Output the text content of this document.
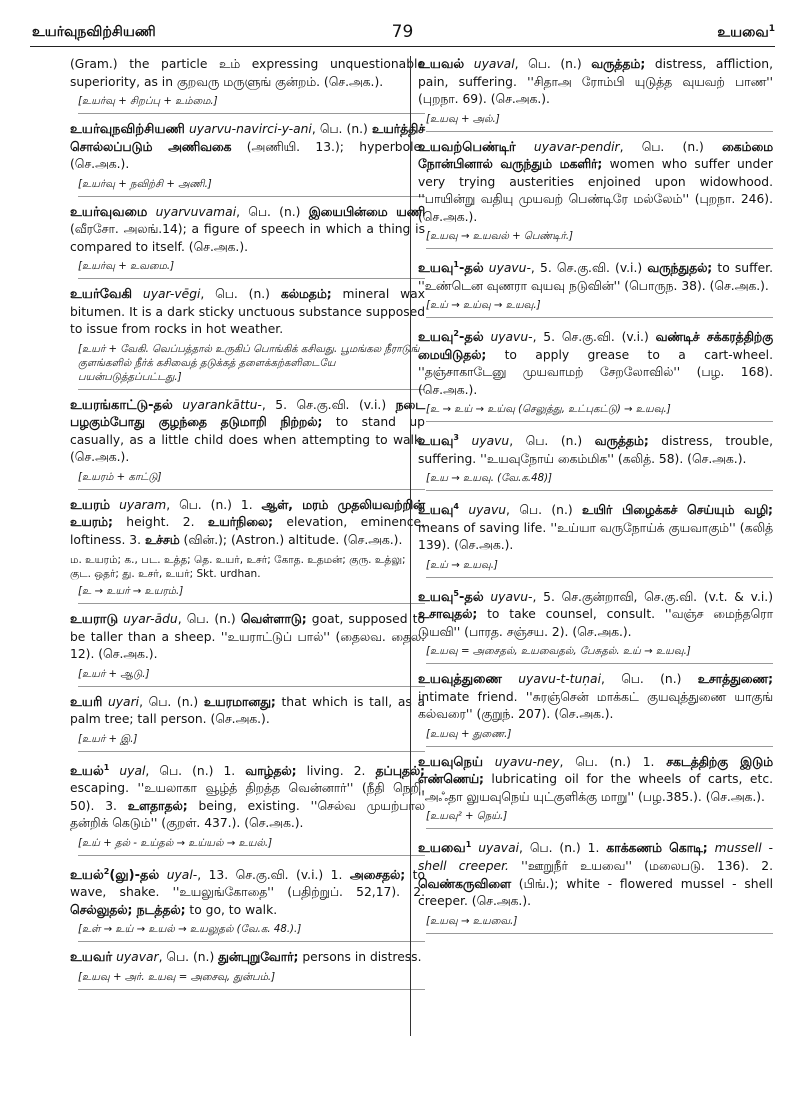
உயர்வுநவிற்சியணி	79	உயவை$^1$

(Gram.) the particle உம் expressing unquestionable superiority, as in குறவரு மருளுங் குன்றம். (செ.அக.).

[உயர்வு + சிறப்பு + உம்மை.]

உயர்வுநவிற்சியணி uyarvu-navirci-y-ani, பெ. (n.) உயர்த்திச் சொல்லப்படும் அணிவகை (அணியி. 13.); hyperbole. (செ.அக.).

[உயர்வு + நவிற்சி + அணி.]

உயர்வுவமை uyarvuvamai, பெ. (n.) இயைபின்மை யணி (வீரசோ. அலங்.14); a figure of speech in which a thing is compared to itself. (செ.அக.).

[உயர்வு + உவமை.]

உயர்வேகி uyar-vēgi, பெ. (n.) கல்மதம்; mineral wax bitumen. It is a dark sticky unctuous substance supposed to issue from rocks in hot weather.

[உயர் + வேகி. வெப்பத்தால் உருகிப் பொங்கிக் கசிவது. பூமங்கல நீராடுங் குளங்களில் நீர்க் கசிவைத் தடுக்கத் தளைக்கற்களிடையே பயன்படுத்தப்பட்டது.]

உயரங்காட்டு-தல் uyarankāttu-, 5. செ.கு.வி. (v.i.) நடை பழகும்போது குழந்தை தடுமாறி நிற்றல்; to stand up casually, as a little child does when attempting to walk. (செ.அக.).

[உயரம் + காட்டு]

உயரம் uyaram, பெ. (n.) 1. ஆள், மரம் முதலியவற்றின் உயரம்; height. 2. உயர்நிலை; elevation, eminence, loftiness. 3. உச்சம் (வின்.); (Astron.) altitude. (செ.அக.).

ம. உயரம்; க., பட. உத்த; தெ. உயர், உசர்; கோத. உதமன்; குரு. உத்லு; குட. ஒதர்; து. உசர், உயர்; Skt. urdhan.
[உ → உயர் → உயரம்.]

உயராடு uyar-ādu, பெ. (n.) வெள்ளாடு; goat, supposed to be taller than a sheep. ''உயராட்டுப் பால்'' (தைலவ. தைல. 12). (செ.அக.).

[உயர் + ஆடு.]

உயரி uyari, பெ. (n.) உயரமானது; that which is tall, as a palm tree; tall person. (செ.அக.).

[உயர் + இ.]

உயல்$^1$ uyal, பெ. (n.) 1. வாழ்தல்; living. 2. தப்புதல்; escaping. ''உயலாகா வூழ்த் திறத்த வென்னார்'' (நீதி நெறி. 50). 3. உளதாதல்; being, existing. ''செல்வ முயற்பால தன்றிக் கெடும்'' (குறள். 437.). (செ.அக.).

[உய் + தல் - உய்தல் → உய்யல் → உயல்.]

உயல்$^2$(லு)-தல் uyal-, 13. செ.கு.வி. (v.i.) 1. அசைதல்; to wave, shake. ''உயலுங்கோதை'' (பதிற்றுப். 52,17). 2. செல்லுதல்; நடத்தல்; to go, to walk.

[உள் → உய் → உயல் → உயலுதல் (வே.க. 48.).]

உயவர் uyavar, பெ. (n.) துன்புறுவோர்; persons in distress.

[உயவு + அர். உயவு = அசைவு, துன்பம்.]

உயவல் uyaval, பெ. (n.) வருத்தம்; distress, affliction, pain, suffering. ''சிதாஅ ரோம்பி யுடுத்த வுயவற் பாண'' (புறநா. 69). (செ.அக.).

[உயவு + அல்.]

உயவற்பெண்டிர் uyavar-pendir, பெ. (n.) கைம்மை நோன்பினால் வருந்தும் மகளிர்; women who suffer under very trying austerities enjoined upon widowhood. ''பாயின்று வதியு முயவற் பெண்டிரே மல்லேம்'' (புறநா. 246). (செ.அக.).

[உயவு → உயவல் + பெண்டிர்.]

உயவு$^1$-தல் uyavu-, 5. செ.கு.வி. (v.i.) வருந்துதல்; to suffer. ''உண்டென வுணரா வுயவு நடுவின்'' (பொருந. 38). (செ.அக.).

[உய் → உய்வு → உயவு.]

உயவு$^2$-தல் uyavu-, 5. செ.கு.வி. (v.i.) வண்டிச் சக்கரத்திற்கு மையிடுதல்; to apply grease to a cart-wheel. ''தஞ்சாகாடேனு முயவாமற் சேறலோவில்'' (பழ. 168). (செ.அக.).

[உ → உய் → உய்வு (செலுத்து, உட்புகட்டு) → உயவு.]

உயவு$^3$ uyavu, பெ. (n.) வருத்தம்; distress, trouble, suffering. ''உயவுநோய் கைம்மிக'' (கலித். 58). (செ.அக.).

[உய → உயவு. (வே.க.48)]

உயவு$^4$ uyavu, பெ. (n.) உயிர் பிழைக்கச் செய்யும் வழி; means of saving life. ''உய்யா வருநோய்க் குயவாகும்'' (கலித் 139). (செ.அக.).

[உய் → உயவு.]

உயவு$^5$-தல் uyavu-, 5. செ.குன்றாவி, செ.கு.வி. (v.t. & v.i.) உசாவுதல்; to take counsel, consult. ''வஞ்ச மைந்தரொ டுயவி'' (பாரத. சஞ்சய. 2). (செ.அக.).

[உயவு = அசைதல், உயவைதல், பேசுதல். உய் → உயவு.]

உயவுத்துணை uyavu-t-tuṇai, பெ. (n.) உசாத்துணை; intimate friend. ''சுரஞ்சென் மாக்கட் குயவுத்துணை யாகுங் கல்வரை'' (குறுந். 207). (செ.அக.).

[உயவு + துணை.]

உயவுநெய் uyavu-ney, பெ. (n.) 1. சகடத்திற்கு இடும் எண்ணெய்; lubricating oil for the wheels of carts, etc. ''அஃதா லுயவுநெய் யுட்குளிக்கு மாறு'' (பழ.385.). (செ.அக.).

[உயவு² + நெய்.]

உயவை$^1$ uyavai, பெ. (n.) 1. காக்கணம் கொடி; mussell - shell creeper. ''ஊறுநீர் உயவை'' (மலைபடு. 136). 2. வெண்கருவிளை (பிங்.); white - flowered mussel - shell creeper. (செ.அக.).

[உயவு → உயவை.]
